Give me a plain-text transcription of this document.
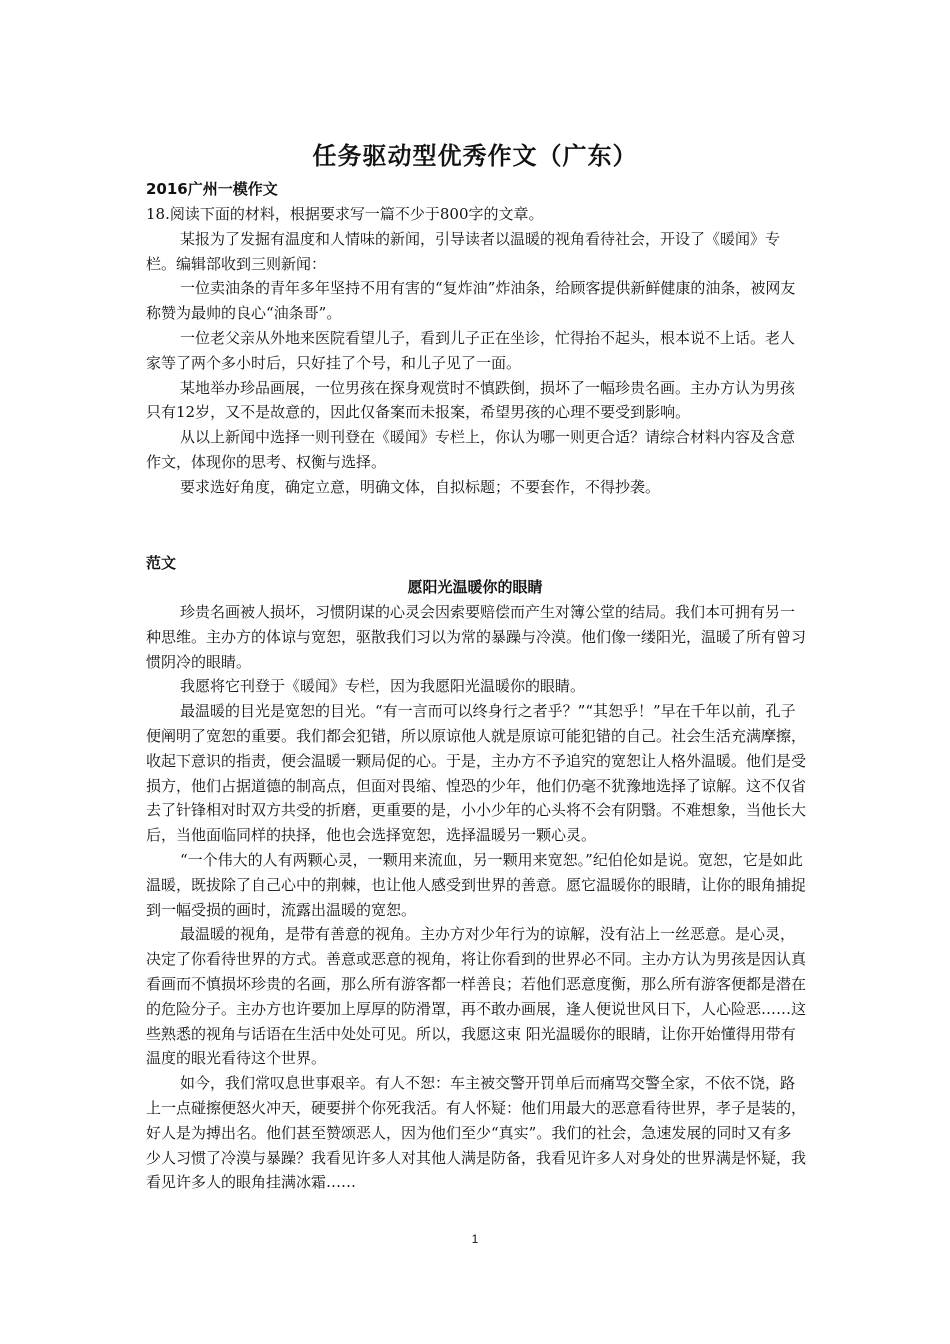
任务驱动型优秀作文（广东）
2016广州一模作文

18.阅读下面的材料，根据要求写一篇不少于800字的文章。

某报为了发掘有温度和人情味的新闻，引导读者以温暖的视角看待社会，开设了《暖闻》专栏。编辑部收到三则新闻：

一位卖油条的青年多年坚持不用有害的“复炸油”炸油条，给顾客提供新鲜健康的油条，被网友称赞为最帅的良心“油条哥”。

一位老父亲从外地来医院看望儿子，看到儿子正在坐诊，忙得抬不起头，根本说不上话。老人家等了两个多小时后，只好挂了个号，和儿子见了一面。

某地举办珍品画展，一位男孩在探身观赏时不慎跌倒，损坏了一幅珍贵名画。主办方认为男孩只有12岁，又不是故意的，因此仅备案而未报案，希望男孩的心理不要受到影响。

从以上新闻中选择一则刊登在《暖闻》专栏上，你认为哪一则更合适？请综合材料内容及含意作文，体现你的思考、权衡与选择。

要求选好角度，确定立意，明确文体，自拟标题；不要套作，不得抄袭。

范文
愿阳光温暖你的眼睛

珍贵名画被人损坏，习惯阴谋的心灵会因索要赔偿而产生对簿公堂的结局。我们本可拥有另一种思维。主办方的体谅与宽恕，驱散我们习以为常的暴躁与冷漠。他们像一缕阳光，温暖了所有曾习惯阴冷的眼睛。

我愿将它刊登于《暖闻》专栏，因为我愿阳光温暖你的眼睛。

最温暖的目光是宽恕的目光。“有一言而可以终身行之者乎？”“其恕乎！”早在千年以前，孔子便阐明了宽恕的重要。我们都会犯错，所以原谅他人就是原谅可能犯错的自己。社会生活充满摩擦，收起下意识的指责，便会温暖一颗局促的心。于是，主办方不予追究的宽恕让人格外温暖。他们是受损方，他们占据道德的制高点，但面对畏缩、惶恐的少年，他们仍毫不犹豫地选择了谅解。这不仅省去了针锋相对时双方共受的折磨，更重要的是，小小少年的心头将不会有阴翳。不难想象，当他长大后，当他面临同样的抉择，他也会选择宽恕，选择温暖另一颗心灵。

“一个伟大的人有两颗心灵，一颗用来流血，另一颗用来宽恕。”纪伯伦如是说。宽恕，它是如此温暖，既拔除了自己心中的荆棘，也让他人感受到世界的善意。愿它温暖你的眼睛，让你的眼角捕捉到一幅受损的画时，流露出温暖的宽恕。

最温暖的视角，是带有善意的视角。主办方对少年行为的谅解，没有沾上一丝恶意。是心灵，决定了你看待世界的方式。善意或恶意的视角，将让你看到的世界必不同。主办方认为男孩是因认真看画而不慎损坏珍贵的名画，那么所有游客都一样善良；若他们恶意度衡，那么所有游客便都是潜在的危险分子。主办方也许要加上厚厚的防滑罩，再不敢办画展，逢人便说世风日下，人心险恶……这些熟悉的视角与话语在生活中处处可见。所以，我愿这束 阳光温暖你的眼睛，让你开始懂得用带有温度的眼光看待这个世界。

如今，我们常叹息世事艰辛。有人不恕：车主被交警开罚单后而痛骂交警全家，不依不饶，路上一点碰擦便怒火冲天，硬要拼个你死我活。有人怀疑：他们用最大的恶意看待世界，孝子是装的，好人是为搏出名。他们甚至赞颂恶人，因为他们至少“真实”。我们的社会，急速发展的同时又有多少人习惯了冷漠与暴躁？我看见许多人对其他人满是防备，我看见许多人对身处的世界满是怀疑，我看见许多人的眼角挂满冰霜……

1
